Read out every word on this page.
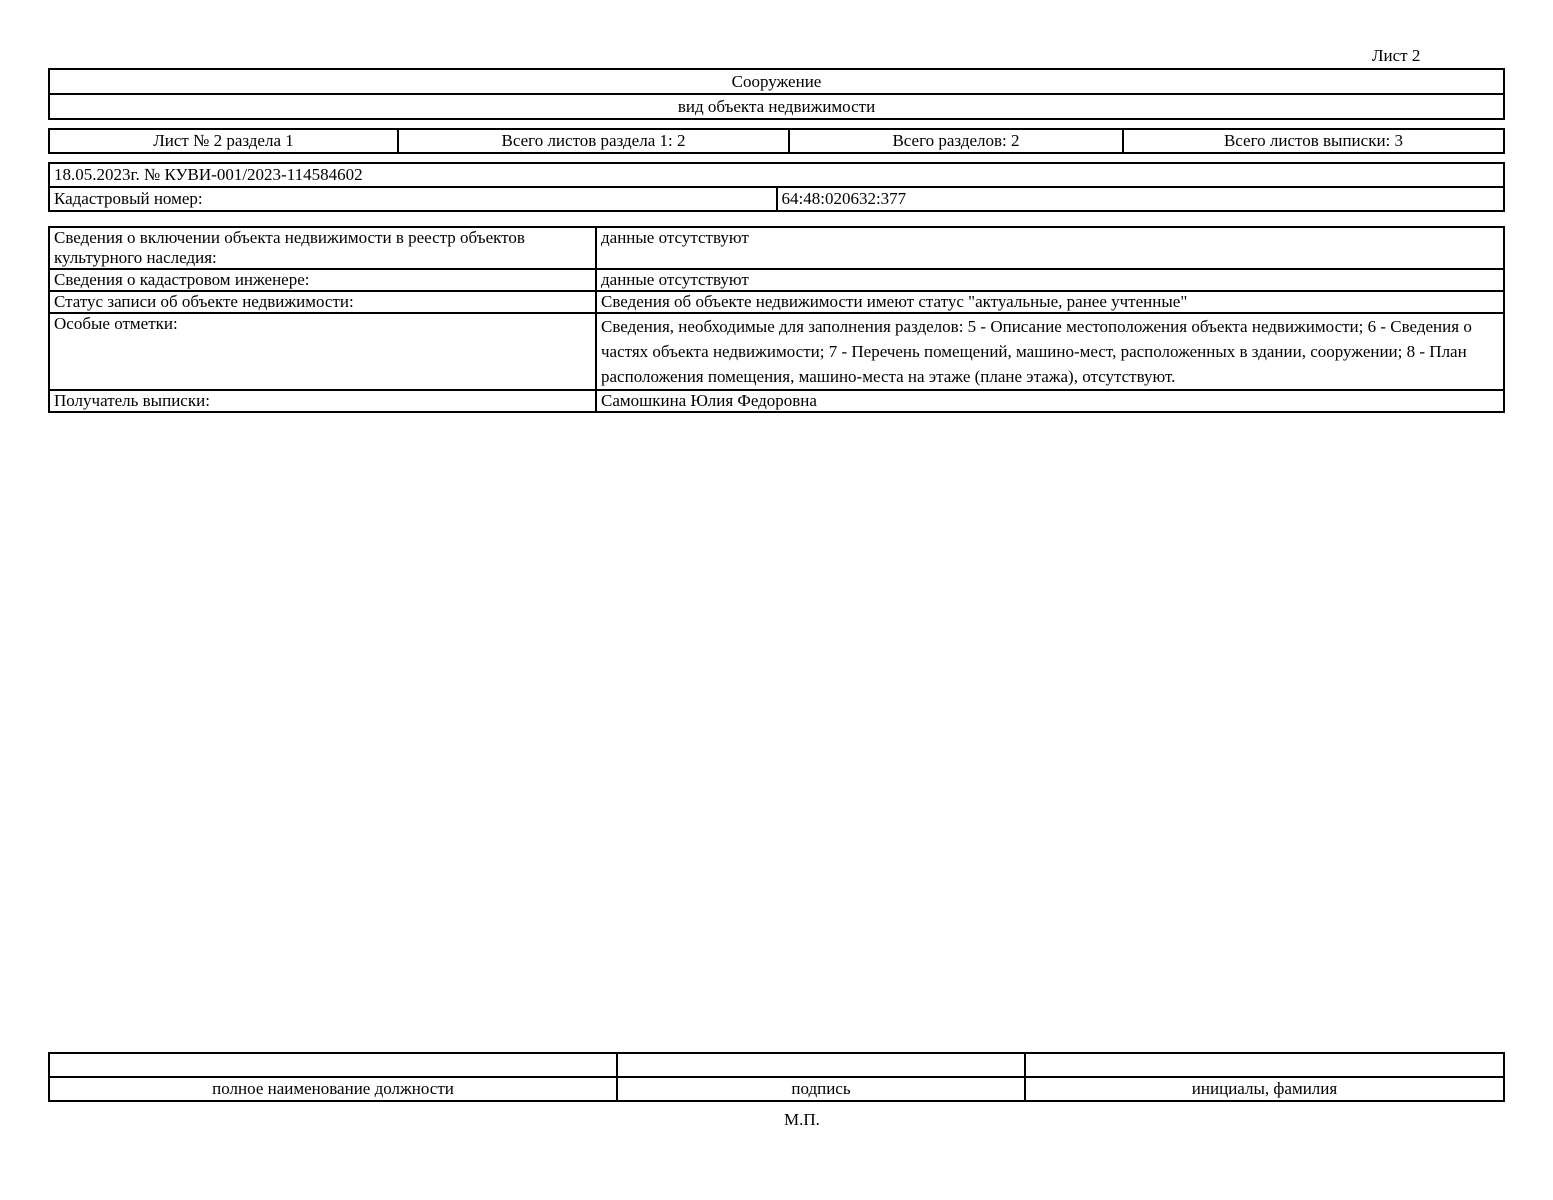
Лист 2
Сооружение
вид объекта недвижимости
Лист № 2 раздела 1	Всего листов раздела 1: 2	Всего разделов: 2	Всего листов выписки: 3
18.05.2023г. № КУВИ-001/2023-114584602
Кадастровый номер:	64:48:020632:377
Сведения о включении объекта недвижимости в реестр объектов культурного наследия:	данные отсутствуют
Сведения о кадастровом инженере:	данные отсутствуют
Статус записи об объекте недвижимости:	Сведения об объекте недвижимости имеют статус "актуальные, ранее учтенные"
Особые отметки:	Сведения, необходимые для заполнения разделов: 5 - Описание местоположения объекта недвижимости; 6 - Сведения о частях объекта недвижимости; 7 - Перечень помещений, машино-мест, расположенных в здании, сооружении; 8 - План расположения помещения, машино-места на этаже (плане этажа), отсутствуют.
Получатель выписки:	Самошкина Юлия Федоровна

полное наименование должности	подпись	инициалы, фамилия
М.П.
